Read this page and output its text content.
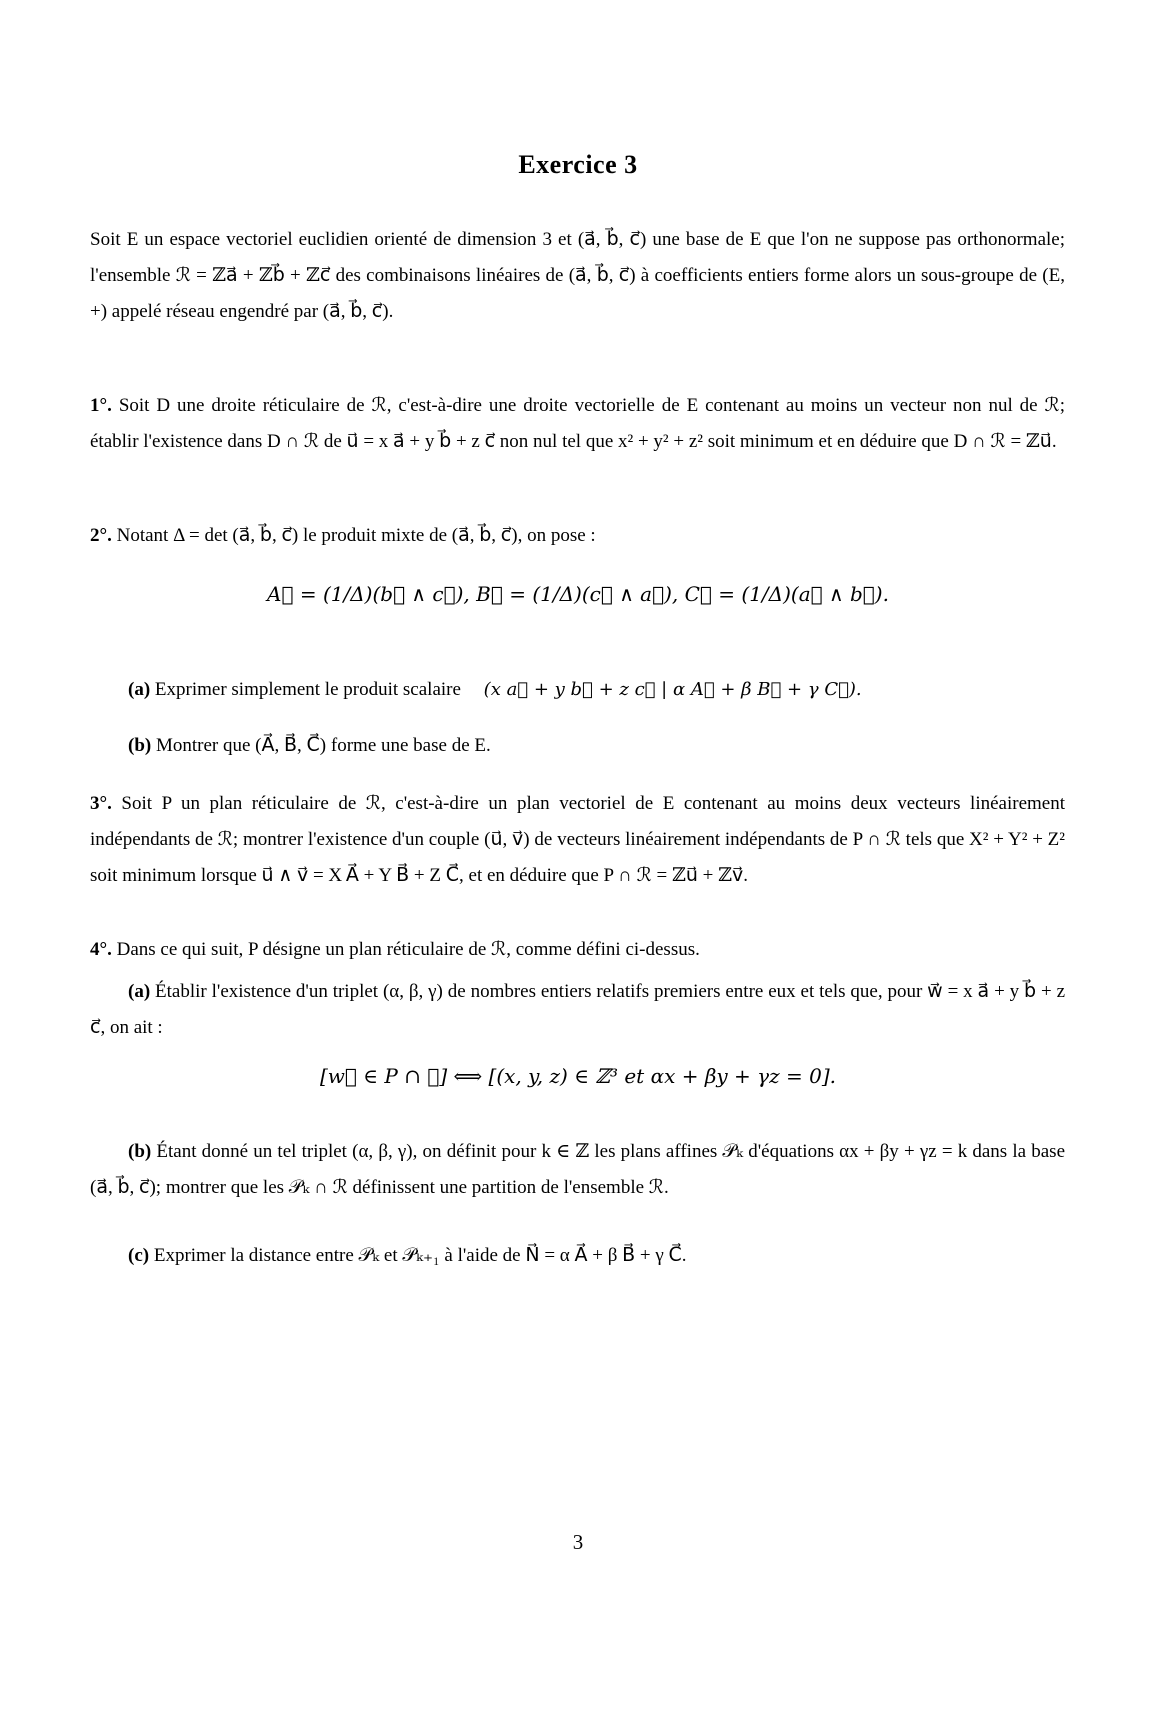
Exercice 3
Soit E un espace vectoriel euclidien orienté de dimension 3 et (a⃗, b⃗, c⃗) une base de E que l'on ne suppose pas orthonormale; l'ensemble ℛ = ℤa⃗ + ℤb⃗ + ℤc⃗ des combinaisons linéaires de (a⃗, b⃗, c⃗) à coefficients entiers forme alors un sous-groupe de (E, +) appelé réseau engendré par (a⃗, b⃗, c⃗).
1°. Soit D une droite réticulaire de ℛ, c'est-à-dire une droite vectorielle de E contenant au moins un vecteur non nul de ℛ; établir l'existence dans D ∩ ℛ de u⃗ = x a⃗ + y b⃗ + z c⃗ non nul tel que x² + y² + z² soit minimum et en déduire que D ∩ ℛ = ℤu⃗.
2°. Notant Δ = det (a⃗, b⃗, c⃗) le produit mixte de (a⃗, b⃗, c⃗), on pose :
A⃗ = (1/Δ)(b⃗ ∧ c⃗), B⃗ = (1/Δ)(c⃗ ∧ a⃗), C⃗ = (1/Δ)(a⃗ ∧ b⃗).
(a) Exprimer simplement le produit scalaire (x a⃗ + y b⃗ + z c⃗ | α A⃗ + β B⃗ + γ C⃗).
(b) Montrer que (A⃗, B⃗, C⃗) forme une base de E.
3°. Soit P un plan réticulaire de ℛ, c'est-à-dire un plan vectoriel de E contenant au moins deux vecteurs linéairement indépendants de ℛ; montrer l'existence d'un couple (u⃗, v⃗) de vecteurs linéairement indépendants de P ∩ ℛ tels que X² + Y² + Z² soit minimum lorsque u⃗ ∧ v⃗ = X A⃗ + Y B⃗ + Z C⃗, et en déduire que P ∩ ℛ = ℤu⃗ + ℤv⃗.
4°. Dans ce qui suit, P désigne un plan réticulaire de ℛ, comme défini ci-dessus.
(a) Établir l'existence d'un triplet (α, β, γ) de nombres entiers relatifs premiers entre eux et tels que, pour w⃗ = x a⃗ + y b⃗ + z c⃗, on ait :
[w⃗ ∈ P ∩ ℛ] ⟺ [(x, y, z) ∈ ℤ³ et αx + βy + γz = 0].
(b) Étant donné un tel triplet (α, β, γ), on définit pour k ∈ ℤ les plans affines 𝒫ₖ d'équations αx + βy + γz = k dans la base (a⃗, b⃗, c⃗); montrer que les 𝒫ₖ ∩ ℛ définissent une partition de l'ensemble ℛ.
(c) Exprimer la distance entre 𝒫ₖ et 𝒫ₖ₊₁ à l'aide de N⃗ = α A⃗ + β B⃗ + γ C⃗.
3
